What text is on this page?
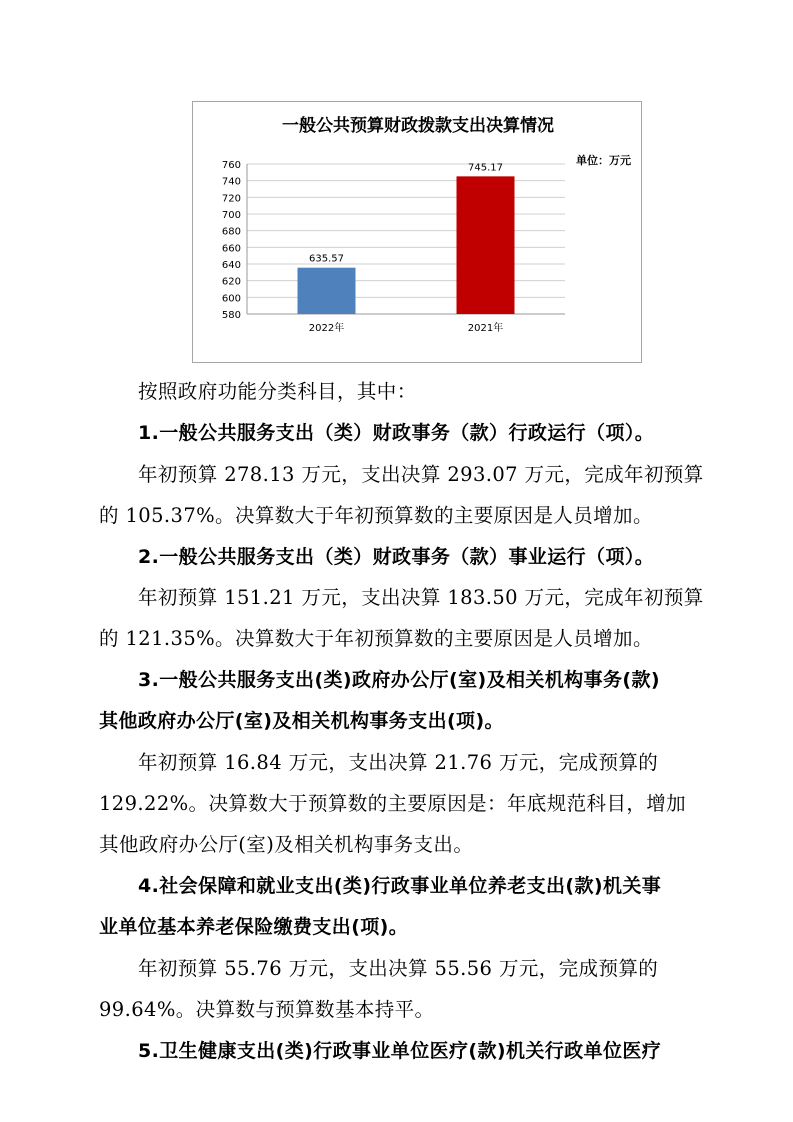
一般公共预算财政拨款支出决算情况
单位：万元
760
740
720
700
680
660
640
620
600
580
635.57
2022年
745.17
2021年

按照政府功能分类科目，其中：

1.一般公共服务支出（类）财政事务（款）行政运行（项）。

年初预算 278.13 万元，支出决算 293.07 万元，完成年初预算

的 105.37%。决算数大于年初预算数的主要原因是人员增加。

2.一般公共服务支出（类）财政事务（款）事业运行（项）。

年初预算 151.21 万元，支出决算 183.50 万元，完成年初预算

的 121.35%。决算数大于年初预算数的主要原因是人员增加。

3.一般公共服务支出(类)政府办公厅(室)及相关机构事务(款)

其他政府办公厅(室)及相关机构事务支出(项)。

年初预算 16.84 万元，支出决算 21.76 万元，完成预算的

129.22%。决算数大于预算数的主要原因是：年底规范科目，增加

其他政府办公厅(室)及相关机构事务支出。

4.社会保障和就业支出(类)行政事业单位养老支出(款)机关事

业单位基本养老保险缴费支出(项)。

年初预算 55.76 万元，支出决算 55.56 万元，完成预算的

99.64%。决算数与预算数基本持平。

5.卫生健康支出(类)行政事业单位医疗(款)机关行政单位医疗
